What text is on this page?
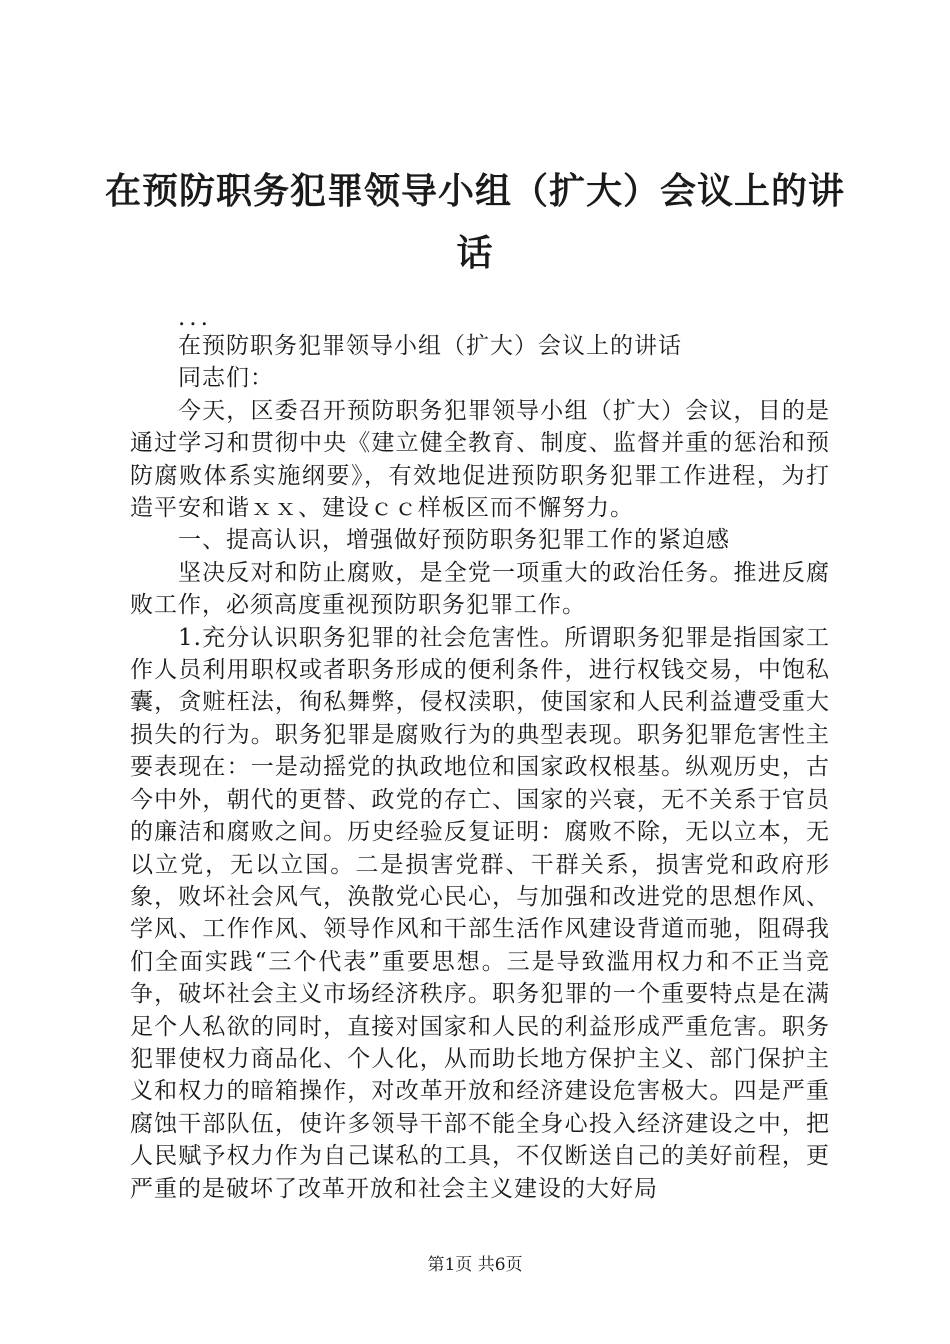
在预防职务犯罪领导小组（扩大）会议上的讲话

...

在预防职务犯罪领导小组（扩大）会议上的讲话

同志们：

今天，区委召开预防职务犯罪领导小组（扩大）会议，目的是通过学习和贯彻中央《建立健全教育、制度、监督并重的惩治和预防腐败体系实施纲要》，有效地促进预防职务犯罪工作进程，为打造平安和谐ｘｘ、建设ｃｃ样板区而不懈努力。

一、提高认识，增强做好预防职务犯罪工作的紧迫感

坚决反对和防止腐败，是全党一项重大的政治任务。推进反腐败工作，必须高度重视预防职务犯罪工作。

1.充分认识职务犯罪的社会危害性。所谓职务犯罪是指国家工作人员利用职权或者职务形成的便利条件，进行权钱交易，中饱私囊，贪赃枉法，徇私舞弊，侵权渎职，使国家和人民利益遭受重大损失的行为。职务犯罪是腐败行为的典型表现。职务犯罪危害性主要表现在：一是动摇党的执政地位和国家政权根基。纵观历史，古今中外，朝代的更替、政党的存亡、国家的兴衰，无不关系于官员的廉洁和腐败之间。历史经验反复证明：腐败不除，无以立本，无以立党，无以立国。二是损害党群、干群关系，损害党和政府形象，败坏社会风气，涣散党心民心，与加强和改进党的思想作风、学风、工作作风、领导作风和干部生活作风建设背道而驰，阻碍我们全面实践“三个代表”重要思想。三是导致滥用权力和不正当竞争，破坏社会主义市场经济秩序。职务犯罪的一个重要特点是在满足个人私欲的同时，直接对国家和人民的利益形成严重危害。职务犯罪使权力商品化、个人化，从而助长地方保护主义、部门保护主义和权力的暗箱操作，对改革开放和经济建设危害极大。四是严重腐蚀干部队伍，使许多领导干部不能全身心投入经济建设之中，把人民赋予权力作为自己谋私的工具，不仅断送自己的美好前程，更严重的是破坏了改革开放和社会主义建设的大好局

第1页 共6页
